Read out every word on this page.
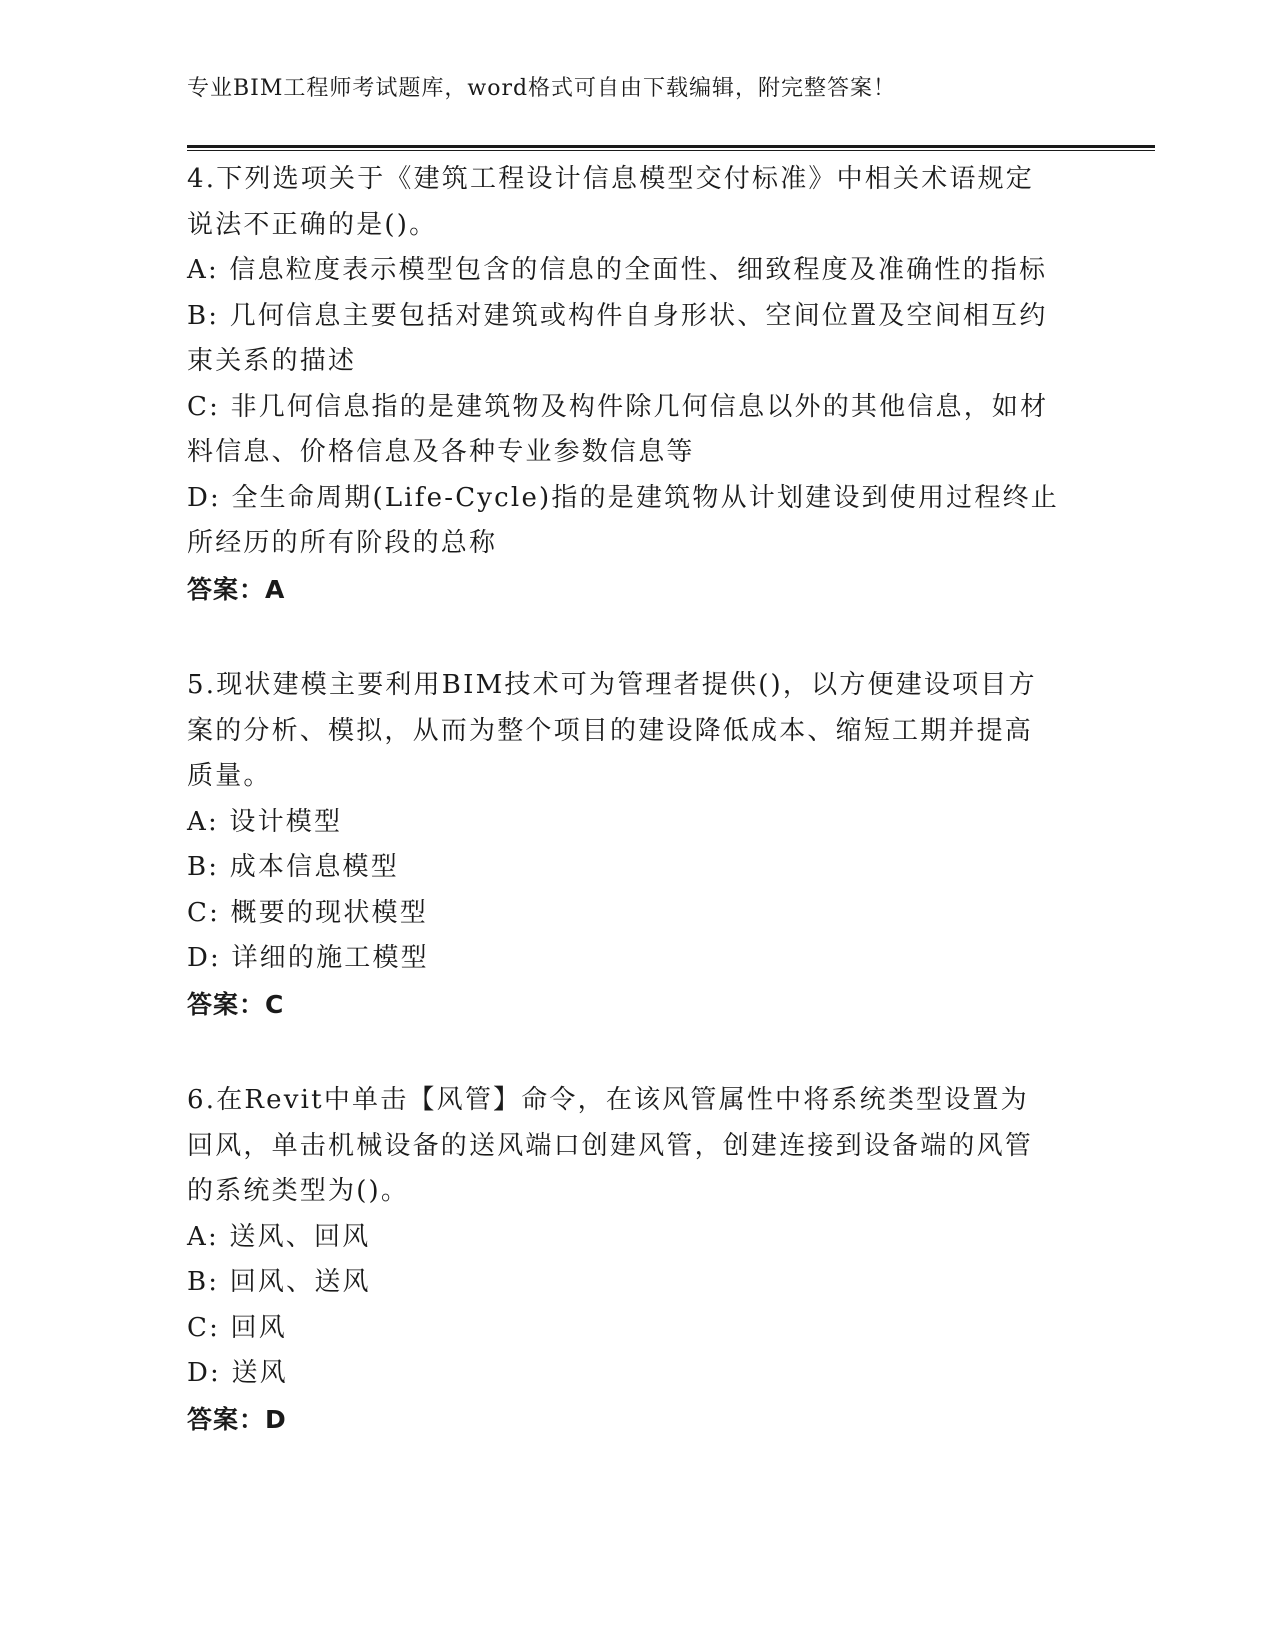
专业BIM工程师考试题库，word格式可自由下载编辑，附完整答案！
4.下列选项关于《建筑工程设计信息模型交付标准》中相关术语规定
说法不正确的是()。
A: 信息粒度表示模型包含的信息的全面性、细致程度及准确性的指标
B: 几何信息主要包括对建筑或构件自身形状、空间位置及空间相互约
束关系的描述
C: 非几何信息指的是建筑物及构件除几何信息以外的其他信息，如材
料信息、价格信息及各种专业参数信息等
D: 全生命周期(Life-Cycle)指的是建筑物从计划建设到使用过程终止
所经历的所有阶段的总称
答案：A
5.现状建模主要利用BIM技术可为管理者提供()，以方便建设项目方
案的分析、模拟，从而为整个项目的建设降低成本、缩短工期并提高
质量。
A: 设计模型
B: 成本信息模型
C: 概要的现状模型
D: 详细的施工模型
答案：C
6.在Revit中单击【风管】命令，在该风管属性中将系统类型设置为
回风，单击机械设备的送风端口创建风管，创建连接到设备端的风管
的系统类型为()。
A: 送风、回风
B: 回风、送风
C: 回风
D: 送风
答案：D
